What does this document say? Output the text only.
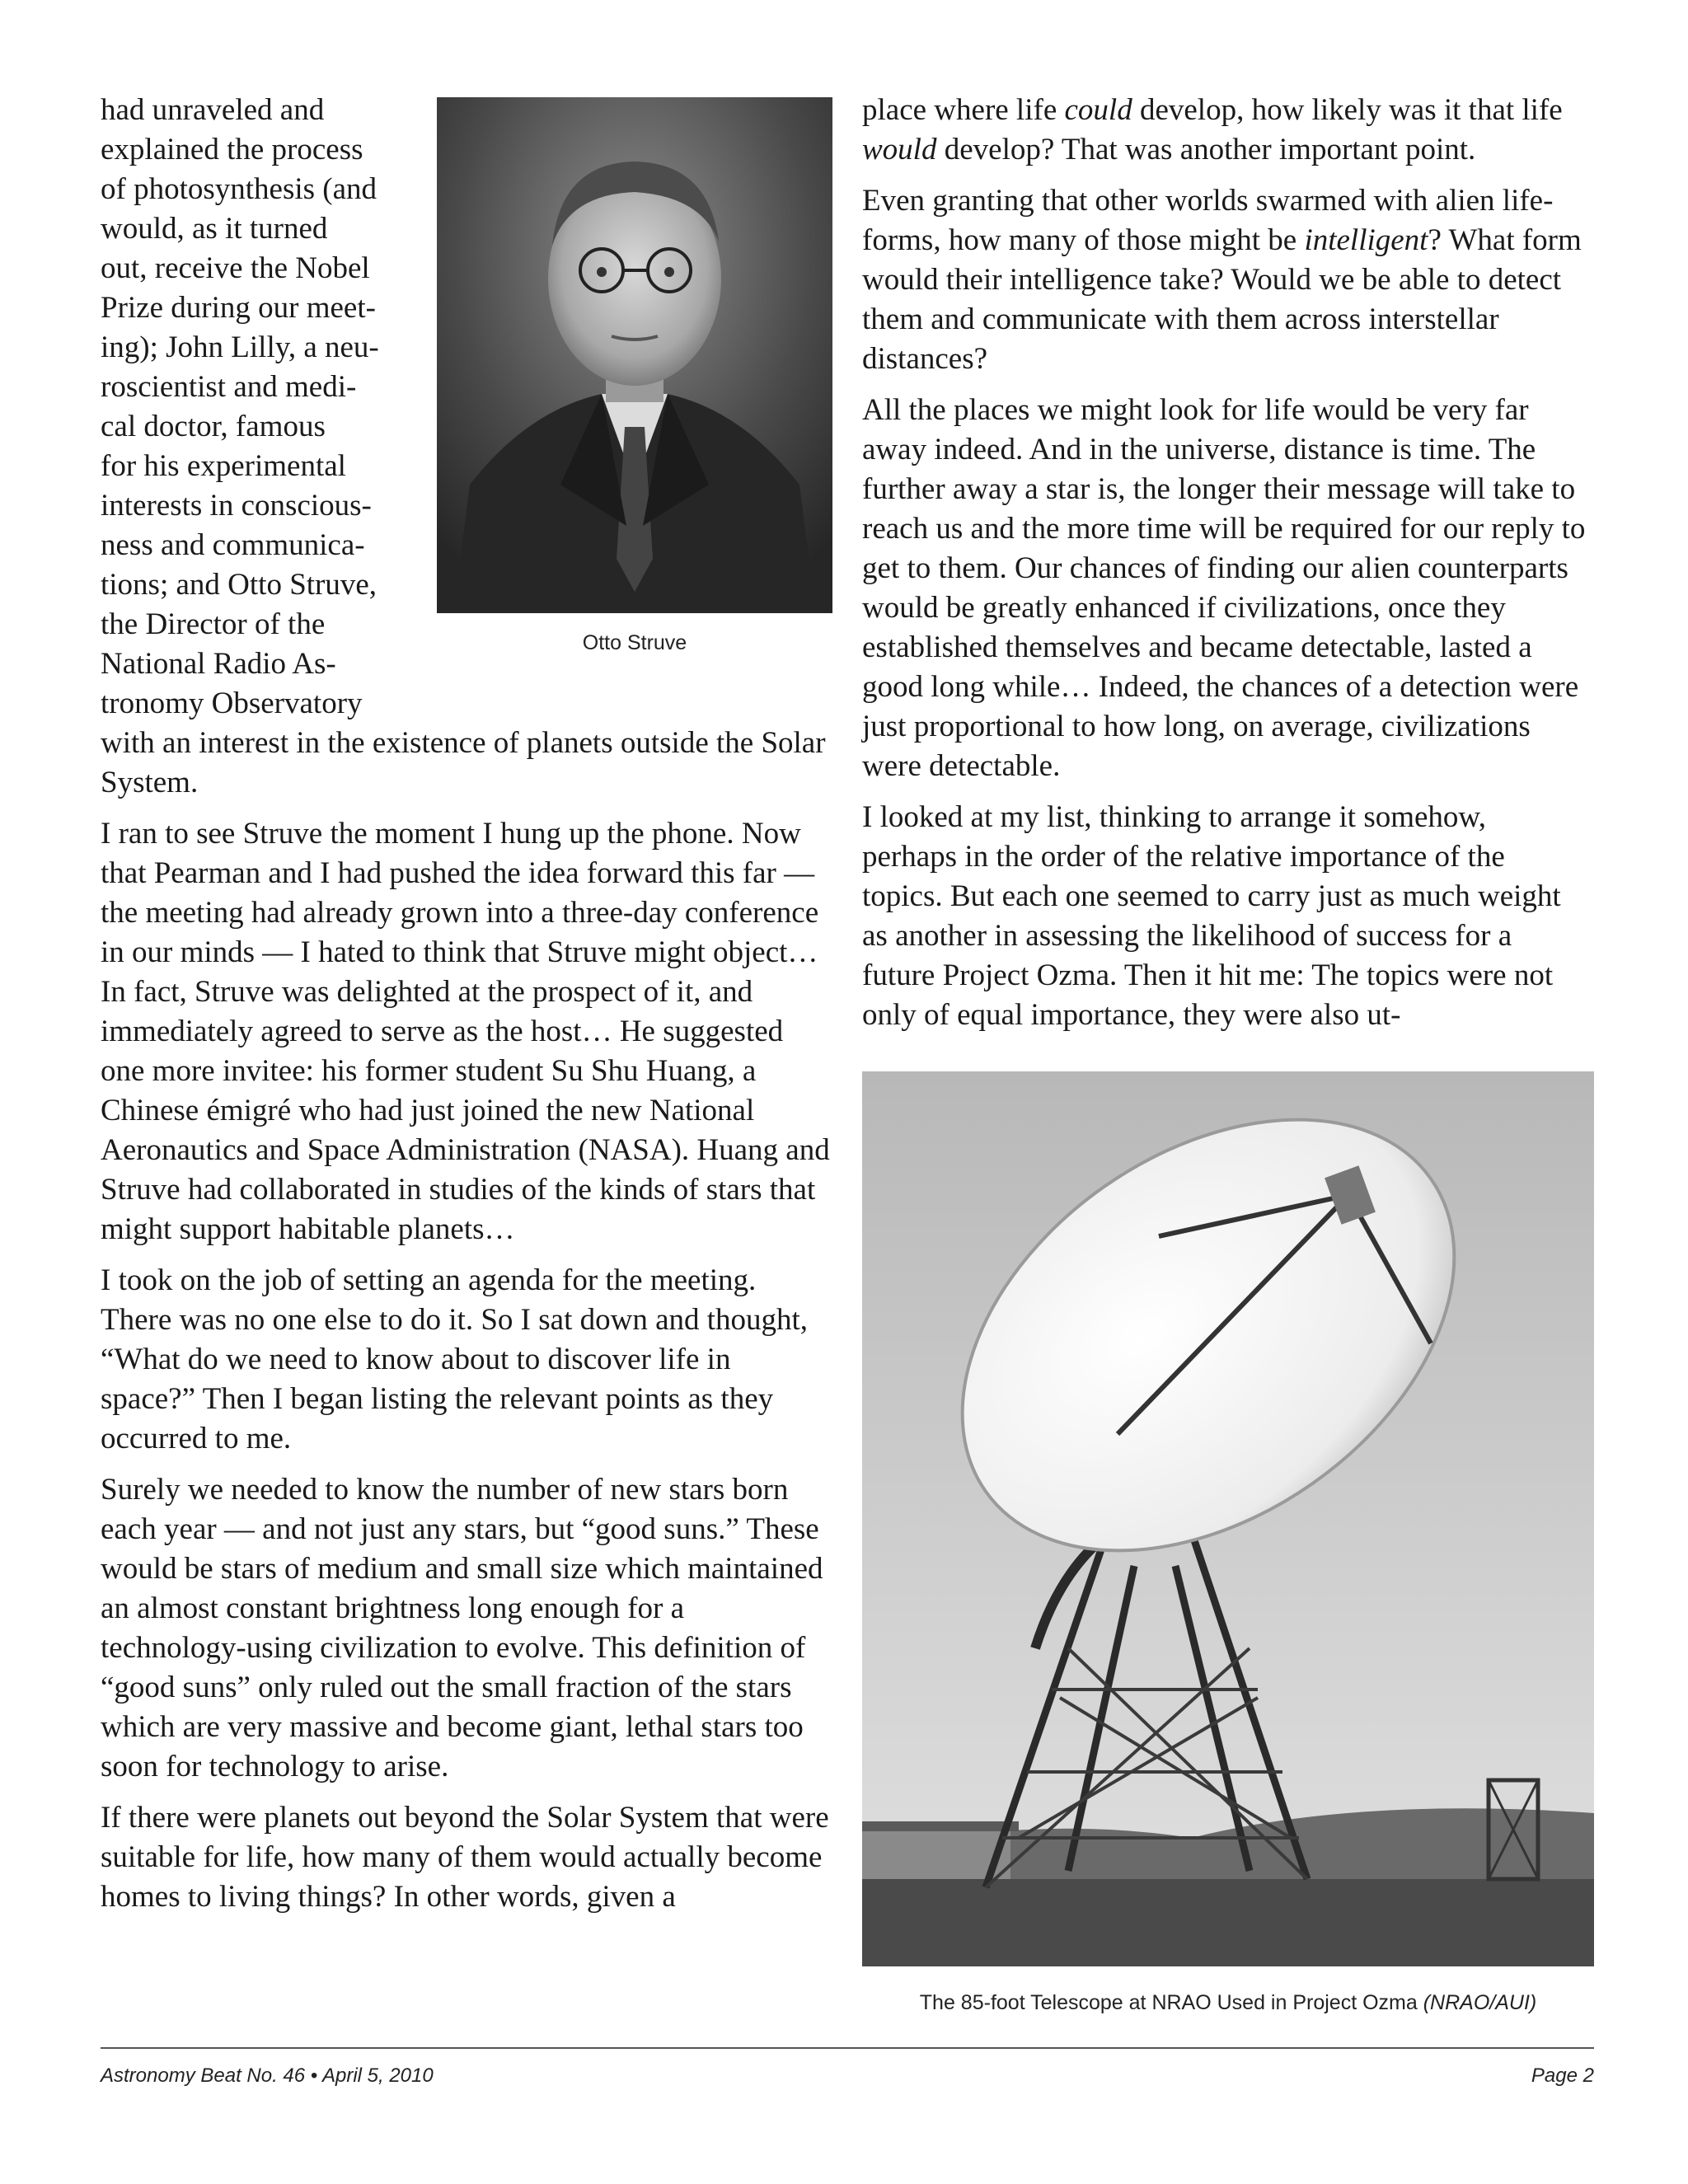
Otto Struve

had unraveled and
explained the process
of photosynthesis (and
would, as it turned
out, receive the Nobel
Prize during our meet-
ing); John Lilly, a neu-
roscientist and medi-
cal doctor, famous
for his experimental
interests in conscious-
ness and communica-
tions; and Otto Struve,
the Director of the
National Radio As-
tronomy Observatory
with an interest in the existence of planets outside the Solar System.

I ran to see Struve the moment I hung up the phone. Now that Pearman and I had pushed the idea forward this far — the meeting had already grown into a three-day conference in our minds — I hated to think that Struve might object… In fact, Struve was delighted at the prospect of it, and immediately agreed to serve as the host… He suggested one more invitee: his former student Su Shu Huang, a Chinese émigré who had just joined the new National Aeronautics and Space Administration (NASA). Huang and Struve had collaborated in studies of the kinds of stars that might support habitable planets…

I took on the job of setting an agenda for the meeting. There was no one else to do it. So I sat down and thought, “What do we need to know about to discover life in space?” Then I began listing the relevant points as they occurred to me.

Surely we needed to know the number of new stars born each year — and not just any stars, but “good suns.” These would be stars of medium and small size which maintained an almost constant brightness long enough for a technology-using civilization to evolve. This definition of “good suns” only ruled out the small fraction of the stars which are very massive and become giant, lethal stars too soon for technology to arise.

If there were planets out beyond the Solar System that were suitable for life, how many of them would actually become homes to living things? In other words, given a

place where life could develop, how likely was it that life would develop? That was another important point.

Even granting that other worlds swarmed with alien life-forms, how many of those might be intelligent? What form would their intelligence take? Would we be able to detect them and communicate with them across interstellar distances?

All the places we might look for life would be very far away indeed. And in the universe, distance is time. The further away a star is, the longer their message will take to reach us and the more time will be required for our reply to get to them. Our chances of finding our alien counterparts would be greatly enhanced if civilizations, once they established themselves and became detectable, lasted a good long while… Indeed, the chances of a detection were just proportional to how long, on average, civilizations were detectable.

I looked at my list, thinking to arrange it somehow, perhaps in the order of the relative importance of the topics. But each one seemed to carry just as much weight as another in assessing the likelihood of success for a future Project Ozma. Then it hit me: The topics were not only of equal importance, they were also ut-

The 85-foot Telescope at NRAO Used in Project Ozma (NRAO/AUI)
Astronomy Beat No. 46 • April 5, 2010	Page 2
